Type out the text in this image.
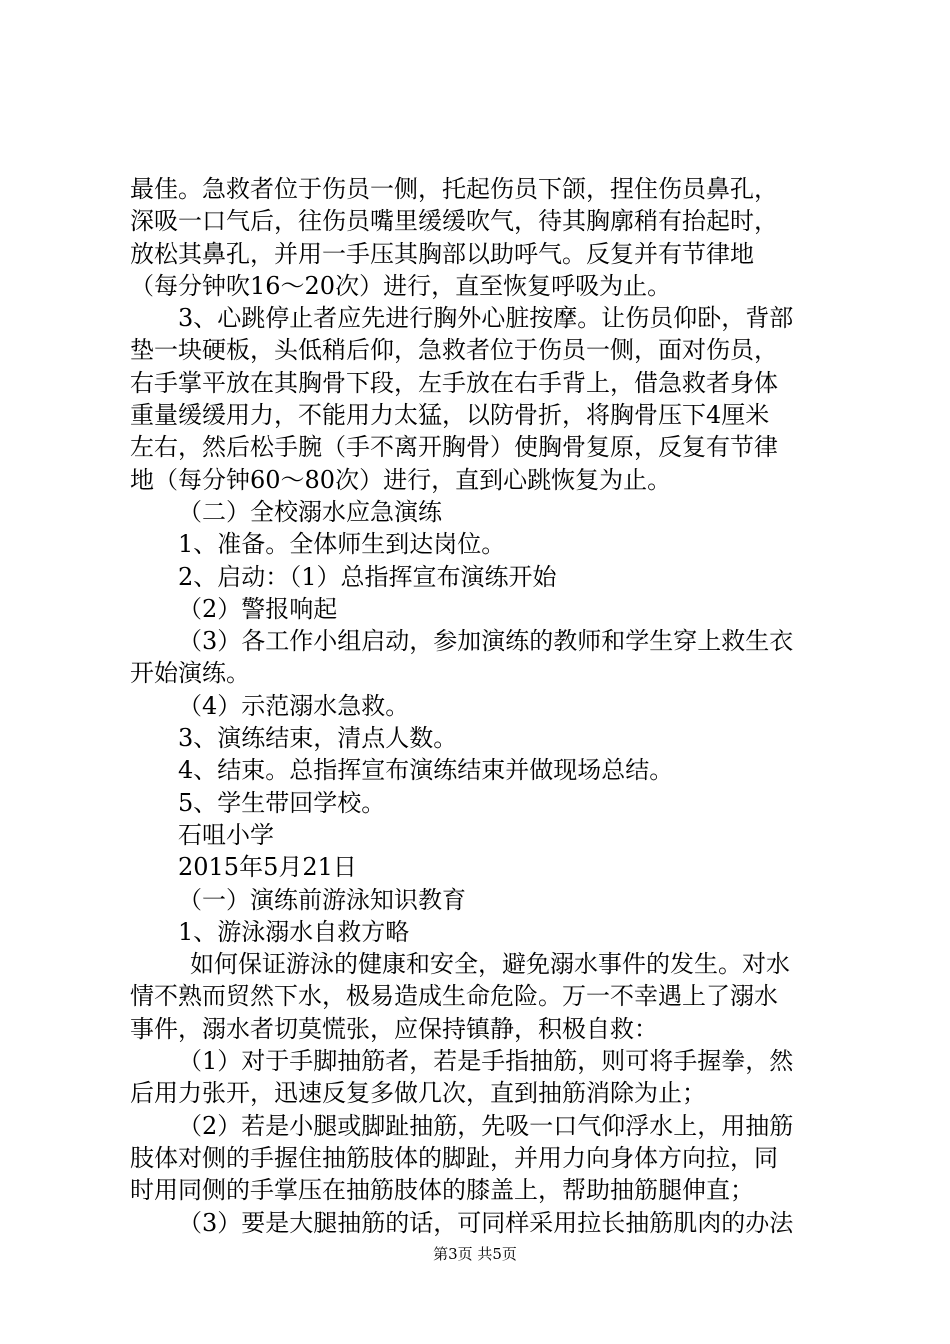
最佳。急救者位于伤员一侧，托起伤员下颌，捏住伤员鼻孔，
深吸一口气后，往伤员嘴里缓缓吹气，待其胸廓稍有抬起时，
放松其鼻孔，并用一手压其胸部以助呼气。反复并有节律地
（每分钟吹16～20次）进行，直至恢复呼吸为止。
3、心跳停止者应先进行胸外心脏按摩。让伤员仰卧，背部
垫一块硬板，头低稍后仰，急救者位于伤员一侧，面对伤员，
右手掌平放在其胸骨下段，左手放在右手背上，借急救者身体
重量缓缓用力，不能用力太猛，以防骨折，将胸骨压下4厘米
左右，然后松手腕（手不离开胸骨）使胸骨复原，反复有节律
地（每分钟60～80次）进行，直到心跳恢复为止。
（二）全校溺水应急演练
1、准备。全体师生到达岗位。
2、启动：（1）总指挥宣布演练开始
（2）警报响起
（3）各工作小组启动，参加演练的教师和学生穿上救生衣
开始演练。
（4）示范溺水急救。
3、演练结束，清点人数。
4、结束。总指挥宣布演练结束并做现场总结。
5、学生带回学校。
石咀小学
2015年5月21日
（一）演练前游泳知识教育
1、游泳溺水自救方略
如何保证游泳的健康和安全，避免溺水事件的发生。对水
情不熟而贸然下水，极易造成生命危险。万一不幸遇上了溺水
事件，溺水者切莫慌张，应保持镇静，积极自救：
（1）对于手脚抽筋者，若是手指抽筋，则可将手握拳，然
后用力张开，迅速反复多做几次，直到抽筋消除为止；
（2）若是小腿或脚趾抽筋，先吸一口气仰浮水上，用抽筋
肢体对侧的手握住抽筋肢体的脚趾，并用力向身体方向拉，同
时用同侧的手掌压在抽筋肢体的膝盖上，帮助抽筋腿伸直；
（3）要是大腿抽筋的话，可同样采用拉长抽筋肌肉的办法
第3页 共5页
